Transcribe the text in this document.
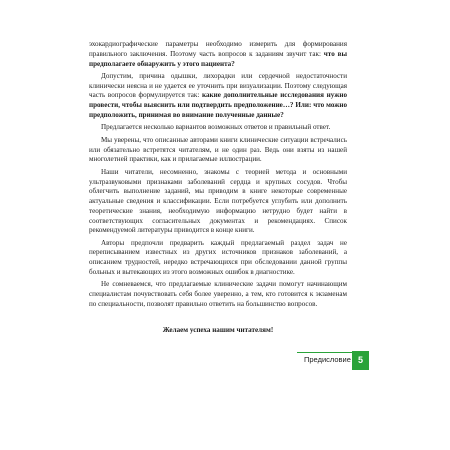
эхокардиографические параметры необходимо измерить для формирования правильного заключения. Поэтому часть вопросов к заданиям звучит так: что вы предполагаете обнаружить у этого пациента?

Допустим, причина одышки, лихорадки или сердечной недостаточности клинически неясна и не удается ее уточнить при визуализации. Поэтому следующая часть вопросов формулируется так: какие дополнительные исследования нужно провести, чтобы выяснить или подтвердить предположение…? Или: что можно предположить, принимая во внимание полученные данные?

Предлагается несколько вариантов возможных ответов и правильный ответ.

Мы уверены, что описанные авторами книги клинические ситуации встречались или обязательно встретятся читателям, и не один раз. Ведь они взяты из нашей многолетней практики, как и прилагаемые иллюстрации.

Наши читатели, несомненно, знакомы с теорией метода и основными ультразвуковыми признаками заболеваний сердца и крупных сосудов. Чтобы облегчить выполнение заданий, мы приводим в книге некоторые современные актуальные сведения и классификации. Если потребуется углубить или дополнить теоретические знания, необходимую информацию нетрудно будет найти в соответствующих согласительных документах и рекомендациях. Список рекомендуемой литературы приводится в конце книги.

Авторы предпочли предварить каждый предлагаемый раздел задач не переписыванием известных из других источников признаков заболеваний, а описанием трудностей, нередко встречающихся при обследовании данной группы больных и вытекающих из этого возможных ошибок в диагностике.

Не сомневаемся, что предлагаемые клинические задачи помогут начинающим специалистам почувствовать себя более уверенно, а тем, кто готовится к экзаменам по специальности, позволят правильно ответить на большинство вопросов.

Желаем успеха нашим читателям!

Предисловие 5
